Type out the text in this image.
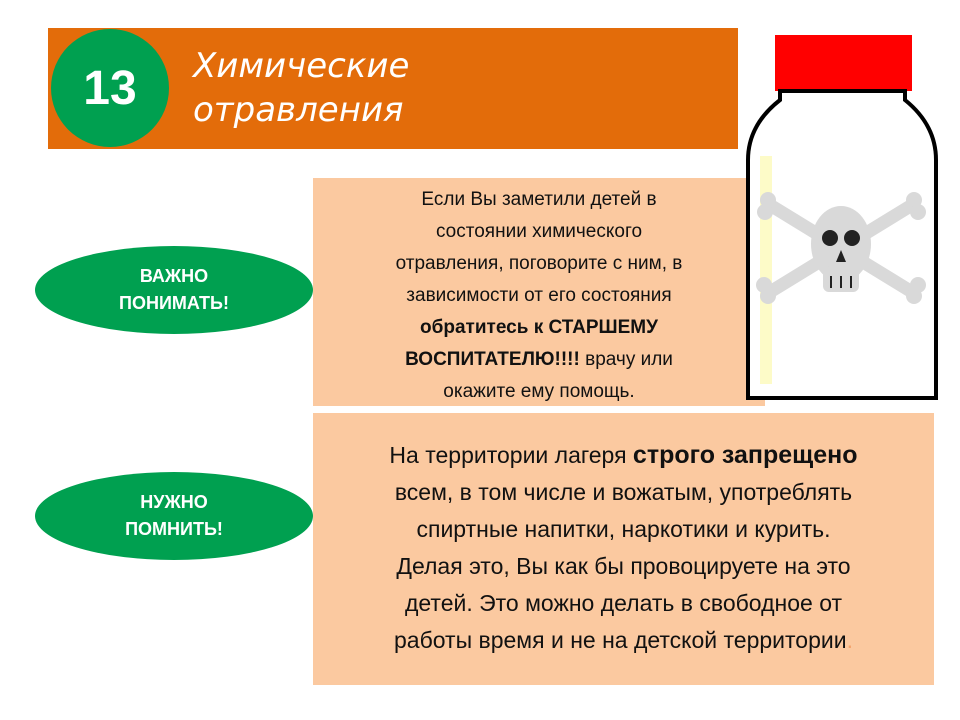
13	Химические
отравления
ВАЖНО
ПОНИМАТЬ!
НУЖНО
ПОМНИТЬ!
Если Вы заметили детей в
состоянии химического
отравления, поговорите с ним, в
зависимости от его состояния
обратитесь к СТАРШЕМУ
ВОСПИТАТЕЛЮ!!!! врачу или
окажите ему помощь.
На территории лагеря строго запрещено
всем, в том числе и вожатым, употреблять
спиртные напитки, наркотики и курить.
Делая это, Вы как бы провоцируете на это
детей. Это можно делать в свободное от
работы время и не на детской территории.
